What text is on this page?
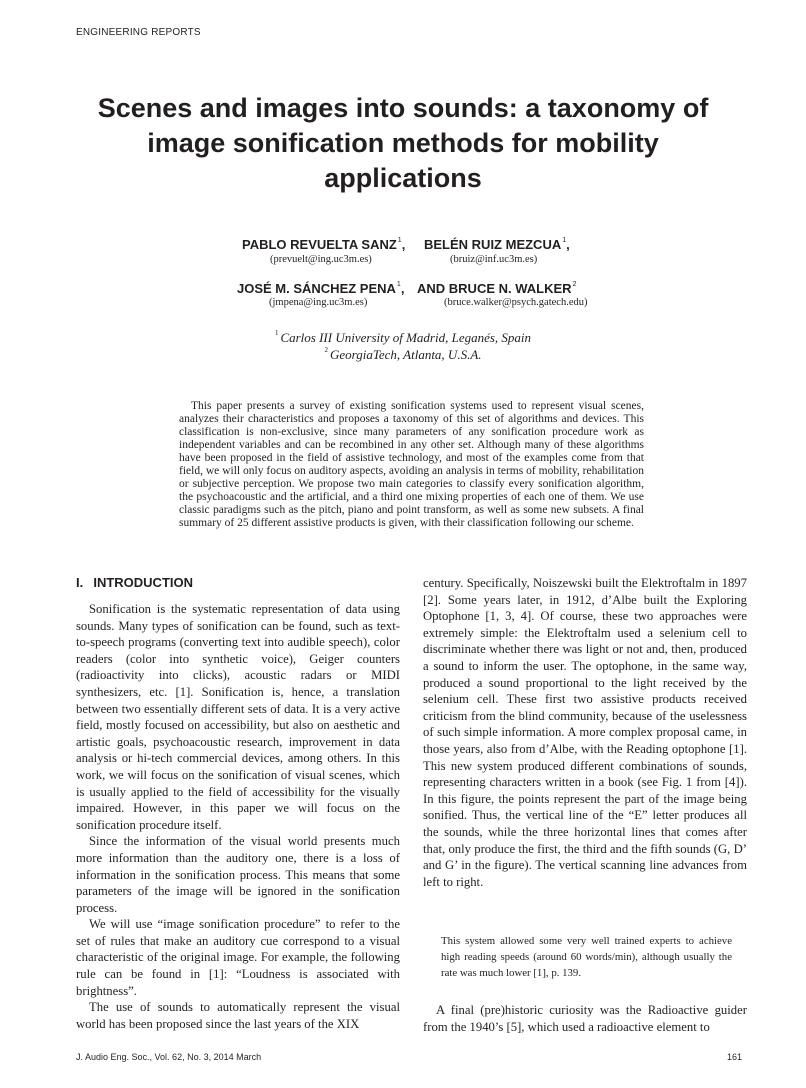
ENGINEERING REPORTS
Scenes and images into sounds: a taxonomy of
image sonification methods for mobility
applications
PABLO REVUELTA SANZ$^1$, BELÉN RUIZ MEZCUA$^1$,
(prevuelt@ing.uc3m.es)	(bruiz@inf.uc3m.es)
JOSÉ M. SÁNCHEZ PENA$^1$, AND BRUCE N. WALKER$^2$
(jmpena@ing.uc3m.es)	(bruce.walker@psych.gatech.edu)
$^1$ Carlos III University of Madrid, Leganés, Spain
$^2$ GeorgiaTech, Atlanta, U.S.A.
This paper presents a survey of existing sonification systems used to represent visual scenes, analyzes their characteristics and proposes a taxonomy of this set of algorithms and devices. This classification is non-exclusive, since many parameters of any sonification procedure work as independent variables and can be recombined in any other set. Although many of these algorithms have been proposed in the field of assistive technology, and most of the examples come from that field, we will only focus on auditory aspects, avoiding an analysis in terms of mobility, rehabilitation or subjective perception. We propose two main categories to classify every sonification algorithm, the psychoacoustic and the artificial, and a third one mixing properties of each one of them. We use classic paradigms such as the pitch, piano and point transform, as well as some new subsets. A final summary of 25 different assistive products is given, with their classification following our scheme.
I.  INTRODUCTION

Sonification is the systematic representation of data using sounds. Many types of sonification can be found, such as text-to-speech programs (converting text into audible speech), color readers (color into synthetic voice), Geiger counters (radioactivity into clicks), acoustic radars or MIDI synthesizers, etc. [1]. Sonification is, hence, a translation between two essentially different sets of data. It is a very active field, mostly focused on accessibility, but also on aesthetic and artistic goals, psychoacoustic research, improvement in data analysis or hi-tech commercial devices, among others. In this work, we will focus on the sonification of visual scenes, which is usually applied to the field of accessibility for the visually impaired. However, in this paper we will focus on the sonification procedure itself.

Since the information of the visual world presents much more information than the auditory one, there is a loss of information in the sonification process. This means that some parameters of the image will be ignored in the sonification process.

We will use “image sonification procedure” to refer to the set of rules that make an auditory cue correspond to a visual characteristic of the original image. For example, the following rule can be found in [1]: “Loudness is associated with brightness”.

The use of sounds to automatically represent the visual world has been proposed since the last years of the XIX

century. Specifically, Noiszewski built the Elektroftalm in 1897 [2]. Some years later, in 1912, d’Albe built the Exploring Optophone [1, 3, 4]. Of course, these two approaches were extremely simple: the Elektroftalm used a selenium cell to discriminate whether there was light or not and, then, produced a sound to inform the user. The optophone, in the same way, produced a sound proportional to the light received by the selenium cell. These first two assistive products received criticism from the blind community, because of the uselessness of such simple information. A more complex proposal came, in those years, also from d’Albe, with the Reading optophone [1]. This new system produced different combinations of sounds, representing characters written in a book (see Fig. 1 from [4]). In this figure, the points represent the part of the image being sonified. Thus, the vertical line of the “E” letter produces all the sounds, while the three horizontal lines that comes after that, only produce the first, the third and the fifth sounds (G, D’ and G’ in the figure). The vertical scanning line advances from left to right.

This system allowed some very well trained experts to achieve high reading speeds (around 60 words/min), although usually the rate was much lower [1], p. 139.

A final (pre)historic curiosity was the Radioactive guider from the 1940’s [5], which used a radioactive element to

J. Audio Eng. Soc., Vol. 62, No. 3, 2014 March	161
